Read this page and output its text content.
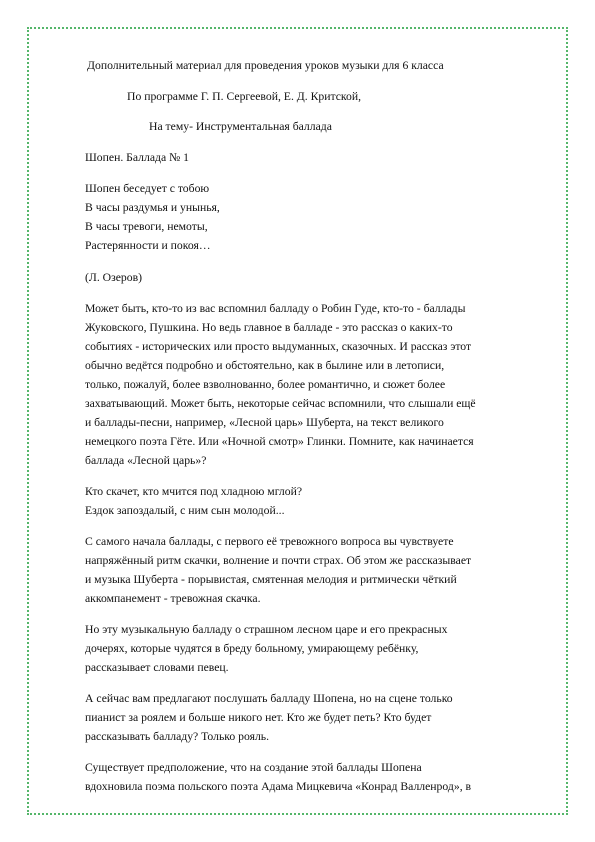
Дополнительный материал для проведения уроков музыки для 6 класса
По программе Г. П. Сергеевой, Е. Д. Критской,
На тему- Инструментальная баллада
Шопен. Баллада № 1
Шопен беседует с тобою
В часы раздумья и унынья,
В часы тревоги, немоты,
Растерянности и покоя…
(Л. Озеров)
Может быть, кто-то из вас вспомнил балладу о Робин Гуде, кто-то - баллады
Жуковского, Пушкина. Но ведь главное в балладе - это рассказ о каких-то
событиях - исторических или просто выдуманных, сказочных. И рассказ этот
обычно ведётся подробно и обстоятельно, как в былине или в летописи,
только, пожалуй, более взволнованно, более романтично, и сюжет более
захватывающий. Может быть, некоторые сейчас вспомнили, что слышали ещё
и баллады-песни, например, «Лесной царь» Шуберта, на текст великого
немецкого поэта Гёте. Или «Ночной смотр» Глинки. Помните, как начинается
баллада «Лесной царь»?
Кто скачет, кто мчится под хладною мглой?
Ездок запоздалый, с ним сын молодой...
С самого начала баллады, с первого её тревожного вопроса вы чувствуете
напряжённый ритм скачки, волнение и почти страх. Об этом же рассказывает
и музыка Шуберта - порывистая, смятенная мелодия и ритмически чёткий
аккомпанемент - тревожная скачка.
Но эту музыкальную балладу о страшном лесном царе и его прекрасных
дочерях, которые чудятся в бреду больному, умирающему ребёнку,
рассказывает словами певец.
А сейчас вам предлагают послушать балладу Шопена, но на сцене только
пианист за роялем и больше никого нет. Кто же будет петь? Кто будет
рассказывать балладу? Только рояль.
Существует предположение, что на создание этой баллады Шопена
вдохновила поэма польского поэта Адама Мицкевича «Конрад Валленрод», в
